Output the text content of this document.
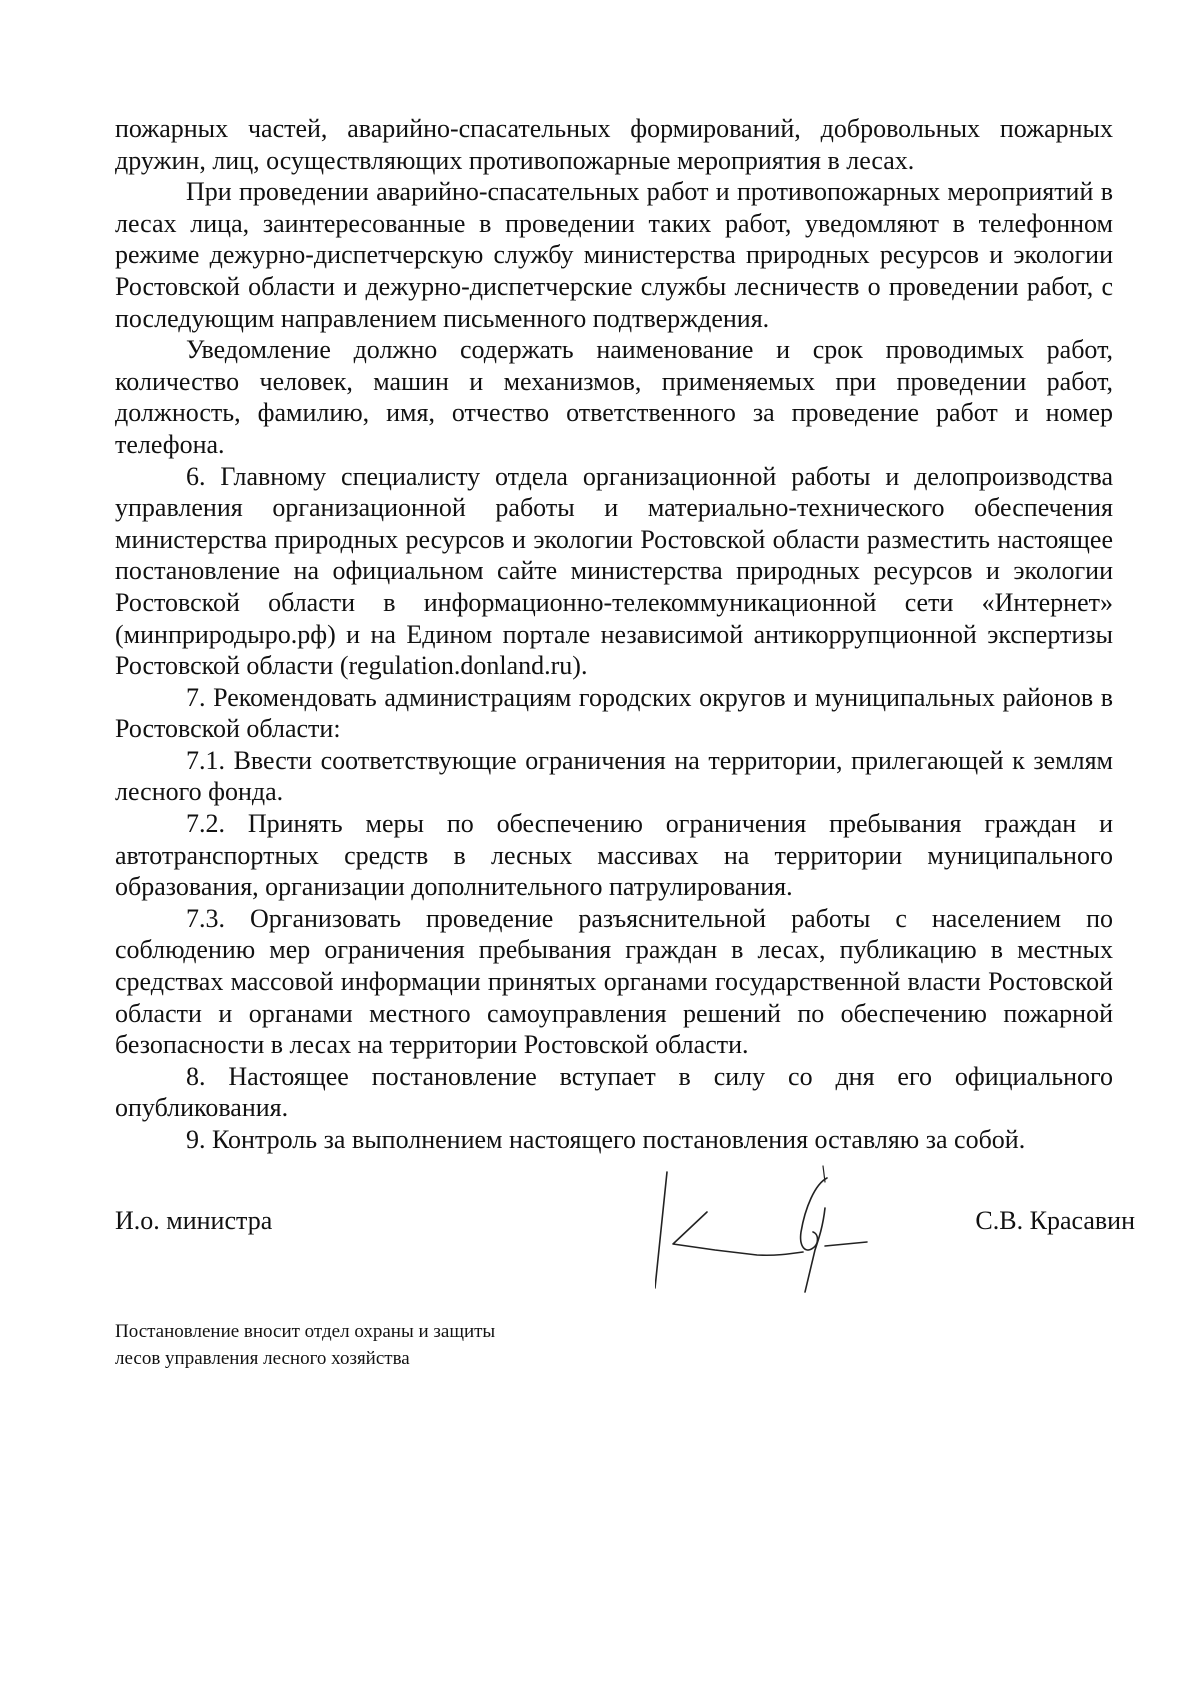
пожарных частей, аварийно-спасательных формирований, добровольных пожарных дружин, лиц, осуществляющих противопожарные мероприятия в лесах.

При проведении аварийно-спасательных работ и противопожарных мероприятий в лесах лица, заинтересованные в проведении таких работ, уведомляют в телефонном режиме дежурно-диспетчерскую службу министерства природных ресурсов и экологии Ростовской области и дежурно-диспетчерские службы лесничеств о проведении работ, с последующим направлением письменного подтверждения.

Уведомление должно содержать наименование и срок проводимых работ, количество человек, машин и механизмов, применяемых при проведении работ, должность, фамилию, имя, отчество ответственного за проведение работ и номер телефона.

6. Главному специалисту отдела организационной работы и делопроизводства управления организационной работы и материально-технического обеспечения министерства природных ресурсов и экологии Ростовской области разместить настоящее постановление на официальном сайте министерства природных ресурсов и экологии Ростовской области в информационно-телекоммуникационной сети «Интернет» (минприродыро.рф) и на Едином портале независимой антикоррупционной экспертизы Ростовской области (regulation.donland.ru).

7. Рекомендовать администрациям городских округов и муниципальных районов в Ростовской области:

7.1. Ввести соответствующие ограничения на территории, прилегающей к землям лесного фонда.

7.2. Принять меры по обеспечению ограничения пребывания граждан и автотранспортных средств в лесных массивах на территории муниципального образования, организации дополнительного патрулирования.

7.3. Организовать проведение разъяснительной работы с населением по соблюдению мер ограничения пребывания граждан в лесах, публикацию в местных средствах массовой информации принятых органами государственной власти Ростовской области и органами местного самоуправления решений по обеспечению пожарной безопасности в лесах на территории Ростовской области.

8. Настоящее постановление вступает в силу со дня его официального опубликования.

9. Контроль за выполнением настоящего постановления оставляю за собой.

И.о. министра	С.В. Красавин
Постановление вносит отдел охраны и защиты
лесов управления лесного хозяйства
